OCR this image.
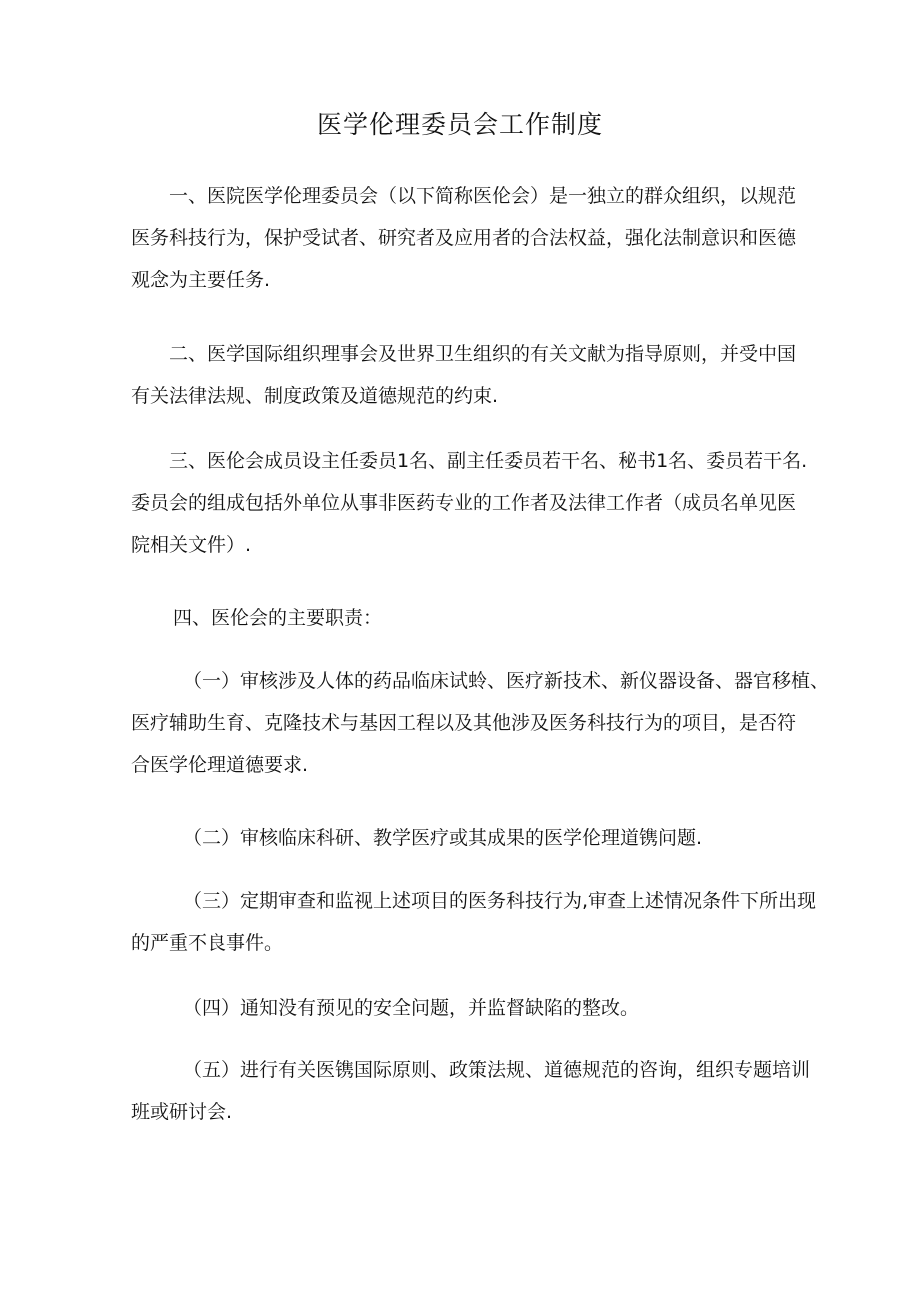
医学伦理委员会工作制度
一、医院医学伦理委员会（以下简称医伦会）是一独立的群众组织，以规范
医务科技行为，保护受试者、研究者及应用者的合法权益，强化法制意识和医德
观念为主要任务.
二、医学国际组织理事会及世界卫生组织的有关文献为指导原则，并受中国
有关法律法规、制度政策及道德规范的约束.
三、医伦会成员设主任委员1名、副主任委员若干名、秘书1名、委员若干名.
委员会的组成包括外单位从事非医药专业的工作者及法律工作者（成员名单见医
院相关文件）.
四、医伦会的主要职责：
（一）审核涉及人体的药品临床试蛉、医疗新技术、新仪器设备、器官移植、
医疗辅助生育、克隆技术与基因工程以及其他涉及医务科技行为的项目，是否符
合医学伦理道德要求.
（二）审核临床科研、教学医疗或其成果的医学伦理道镌问题.
（三）定期审查和监视上述项目的医务科技行为,审查上述情况条件下所出现
的严重不良事件。
（四）通知没有预见的安全问题，并监督缺陷的整改。
（五）进行有关医镌国际原则、政策法规、道德规范的咨询，组织专题培训
班或研讨会.
